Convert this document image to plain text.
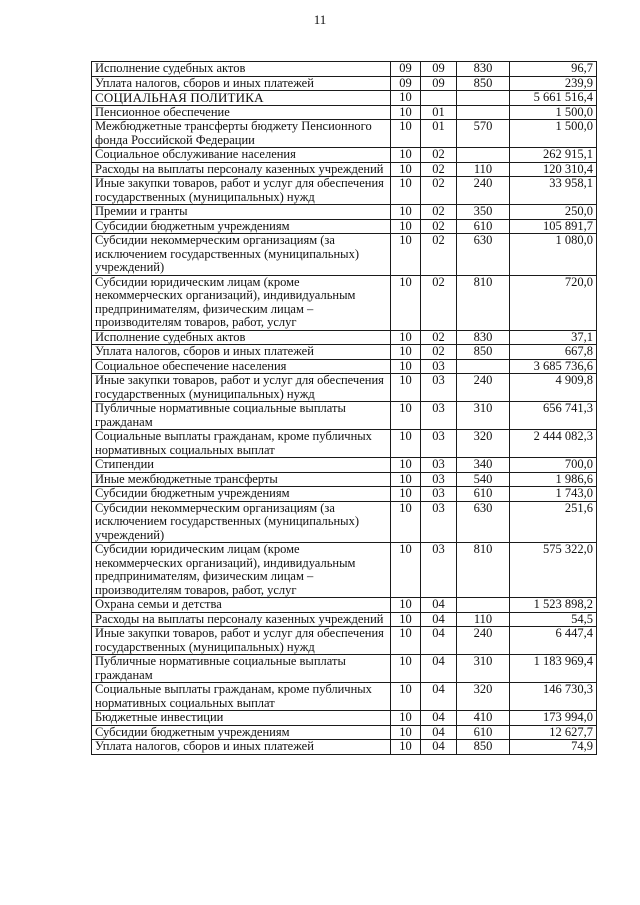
11
Исполнение судебных актов	09	09	830	96,7
Уплата налогов, сборов и иных платежей	09	09	850	239,9
СОЦИАЛЬНАЯ ПОЛИТИКА	10			5 661 516,4
Пенсионное обеспечение	10	01		1 500,0
Межбюджетные трансферты бюджету Пенсионного фонда Российской Федерации	10	01	570	1 500,0
Социальное обслуживание населения	10	02		262 915,1
Расходы на выплаты персоналу казенных учреждений	10	02	110	120 310,4
Иные закупки товаров, работ и услуг для обеспечения государственных (муниципальных) нужд	10	02	240	33 958,1
Премии и гранты	10	02	350	250,0
Субсидии бюджетным учреждениям	10	02	610	105 891,7
Субсидии некоммерческим организациям (за исключением государственных (муниципальных) учреждений)	10	02	630	1 080,0
Субсидии юридическим лицам (кроме некоммерческих организаций), индивидуальным предпринимателям, физическим лицам – производителям товаров, работ, услуг	10	02	810	720,0
Исполнение судебных актов	10	02	830	37,1
Уплата налогов, сборов и иных платежей	10	02	850	667,8
Социальное обеспечение населения	10	03		3 685 736,6
Иные закупки товаров, работ и услуг для обеспечения государственных (муниципальных) нужд	10	03	240	4 909,8
Публичные нормативные социальные выплаты гражданам	10	03	310	656 741,3
Социальные выплаты гражданам, кроме публичных нормативных социальных выплат	10	03	320	2 444 082,3
Стипендии	10	03	340	700,0
Иные межбюджетные трансферты	10	03	540	1 986,6
Субсидии бюджетным учреждениям	10	03	610	1 743,0
Субсидии некоммерческим организациям (за исключением государственных (муниципальных) учреждений)	10	03	630	251,6
Субсидии юридическим лицам (кроме некоммерческих организаций), индивидуальным предпринимателям, физическим лицам – производителям товаров, работ, услуг	10	03	810	575 322,0
Охрана семьи и детства	10	04		1 523 898,2
Расходы на выплаты персоналу казенных учреждений	10	04	110	54,5
Иные закупки товаров, работ и услуг для обеспечения государственных (муниципальных) нужд	10	04	240	6 447,4
Публичные нормативные социальные выплаты гражданам	10	04	310	1 183 969,4
Социальные выплаты гражданам, кроме публичных нормативных социальных выплат	10	04	320	146 730,3
Бюджетные инвестиции	10	04	410	173 994,0
Субсидии бюджетным учреждениям	10	04	610	12 627,7
Уплата налогов, сборов и иных платежей	10	04	850	74,9
